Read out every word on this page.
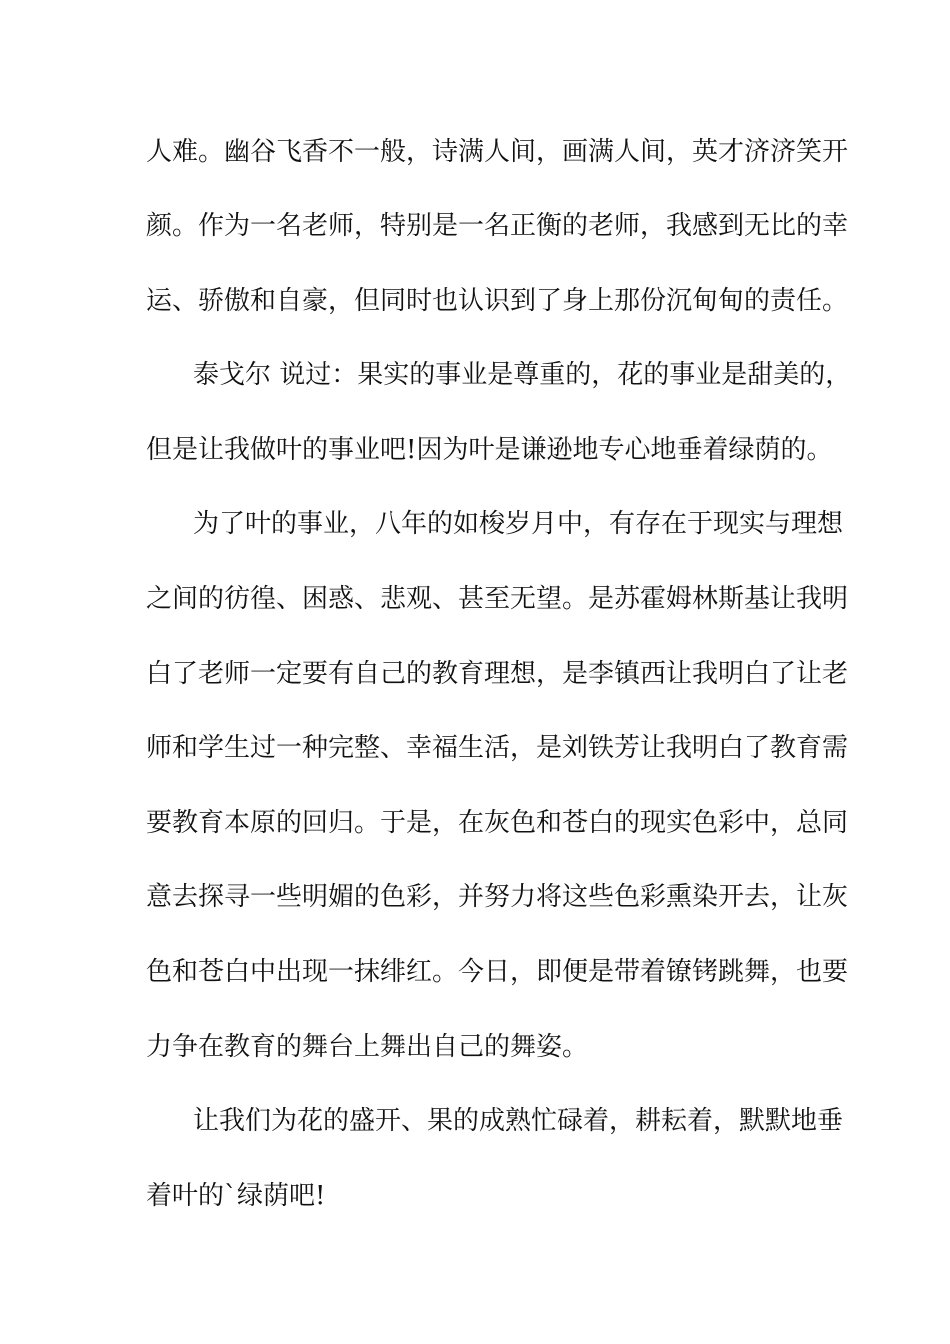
人难。幽谷飞香不一般，诗满人间，画满人间，英才济济笑开
颜。作为一名老师，特别是一名正衡的老师，我感到无比的幸
运、骄傲和自豪，但同时也认识到了身上那份沉甸甸的责任。
泰戈尔 说过：果实的事业是尊重的，花的事业是甜美的，
但是让我做叶的事业吧!因为叶是谦逊地专心地垂着绿荫的。
为了叶的事业，八年的如梭岁月中，有存在于现实与理想
之间的彷徨、困惑、悲观、甚至无望。是苏霍姆林斯基让我明
白了老师一定要有自己的教育理想，是李镇西让我明白了让老
师和学生过一种完整、幸福生活，是刘铁芳让我明白了教育需
要教育本原的回归。于是，在灰色和苍白的现实色彩中，总同
意去探寻一些明媚的色彩，并努力将这些色彩熏染开去，让灰
色和苍白中出现一抹绯红。今日，即便是带着镣铐跳舞，也要
力争在教育的舞台上舞出自己的舞姿。
让我们为花的盛开、果的成熟忙碌着，耕耘着，默默地垂
着叶的`绿荫吧!
